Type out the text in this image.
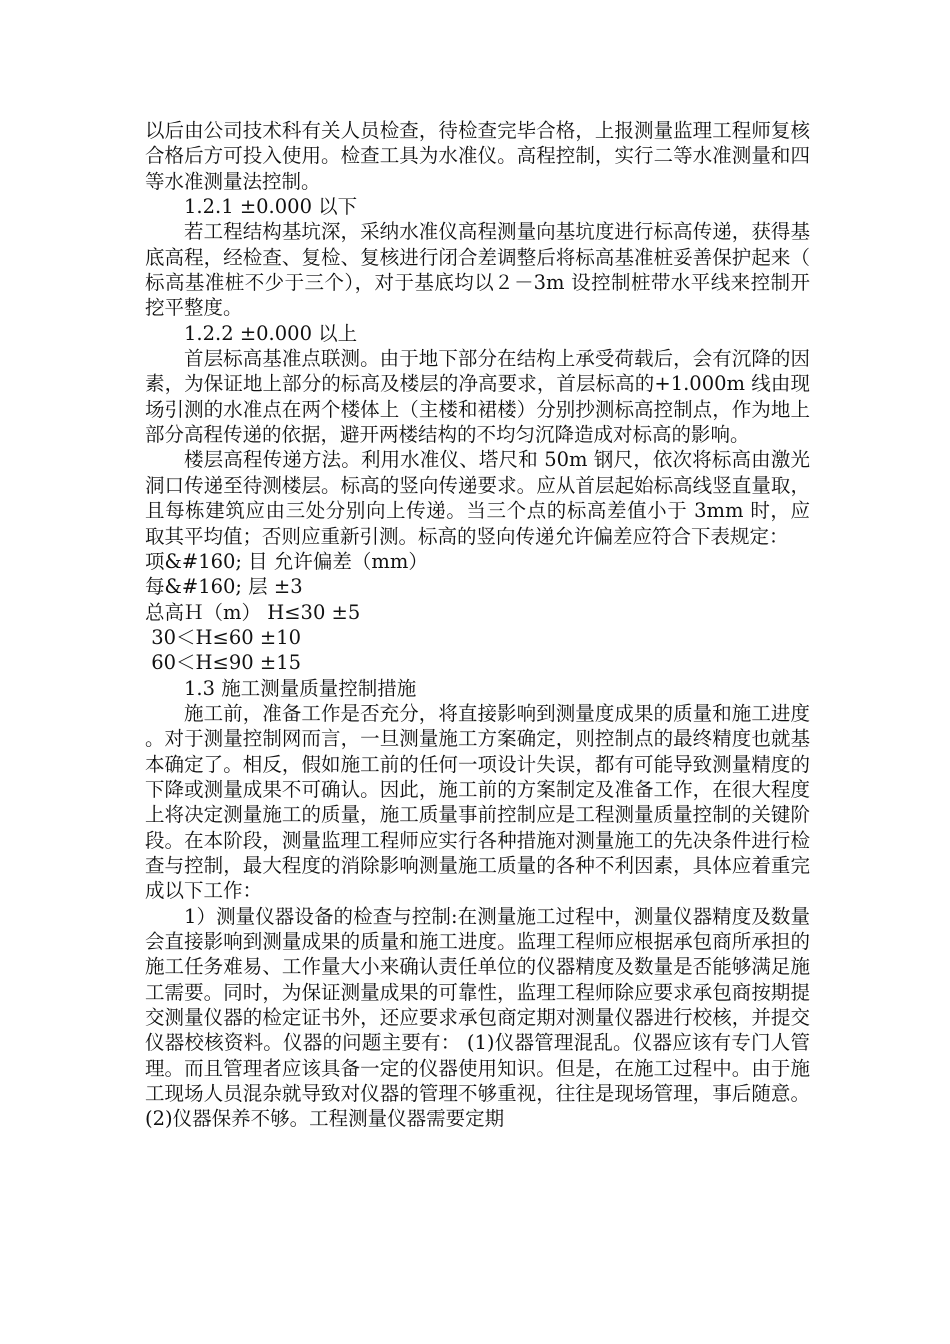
以后由公司技术科有关人员检查，待检查完毕合格，上报测量监理工程师复核合格后方可投入使用。检查工具为水准仪。高程控制，实行二等水准测量和四等水准测量法控制。

1.2.1 ±0.000 以下

若工程结构基坑深，采纳水准仪高程测量向基坑度进行标高传递，获得基底高程，经检查、复检、复核进行闭合差调整后将标高基准桩妥善保护起来（标高基准桩不少于三个），对于基底均以２－3m 设控制桩带水平线来控制开挖平整度。

1.2.2 ±0.000 以上

首层标高基准点联测。由于地下部分在结构上承受荷载后，会有沉降的因素，为保证地上部分的标高及楼层的净高要求，首层标高的+1.000m 线由现场引测的水准点在两个楼体上（主楼和裙楼）分别抄测标高控制点，作为地上部分高程传递的依据，避开两楼结构的不均匀沉降造成对标高的影响。

楼层高程传递方法。利用水准仪、塔尺和 50m 钢尺，依次将标高由激光洞口传递至待测楼层。标高的竖向传递要求。应从首层起始标高线竖直量取，且每栋建筑应由三处分别向上传递。当三个点的标高差值小于 3mm 时，应取其平均值；否则应重新引测。标高的竖向传递允许偏差应符合下表规定：

项&#160; 目 允许偏差（mm）

每&#160; 层 ±3

总高Ｈ（m） H≤30 ±5

30＜H≤60 ±10

60＜H≤90 ±15

1.3 施工测量质量控制措施

施工前，准备工作是否充分，将直接影响到测量度成果的质量和施工进度。对于测量控制网而言，一旦测量施工方案确定，则控制点的最终精度也就基本确定了。相反，假如施工前的任何一项设计失误，都有可能导致测量精度的下降或测量成果不可确认。因此，施工前的方案制定及准备工作，在很大程度上将决定测量施工的质量，施工质量事前控制应是工程测量质量控制的关键阶段。在本阶段，测量监理工程师应实行各种措施对测量施工的先决条件进行检查与控制，最大程度的消除影响测量施工质量的各种不利因素，具体应着重完成以下工作：

1）测量仪器设备的检查与控制:在测量施工过程中，测量仪器精度及数量会直接影响到测量成果的质量和施工进度。监理工程师应根据承包商所承担的施工任务难易、工作量大小来确认责任单位的仪器精度及数量是否能够满足施工需要。同时，为保证测量成果的可靠性，监理工程师除应要求承包商按期提交测量仪器的检定证书外，还应要求承包商定期对测量仪器进行校核，并提交仪器校核资料。仪器的问题主要有： (1)仪器管理混乱。仪器应该有专门人管理。而且管理者应该具备一定的仪器使用知识。但是，在施工过程中。由于施工现场人员混杂就导致对仪器的管理不够重视，往往是现场管理，事后随意。(2)仪器保养不够。工程测量仪器需要定期
